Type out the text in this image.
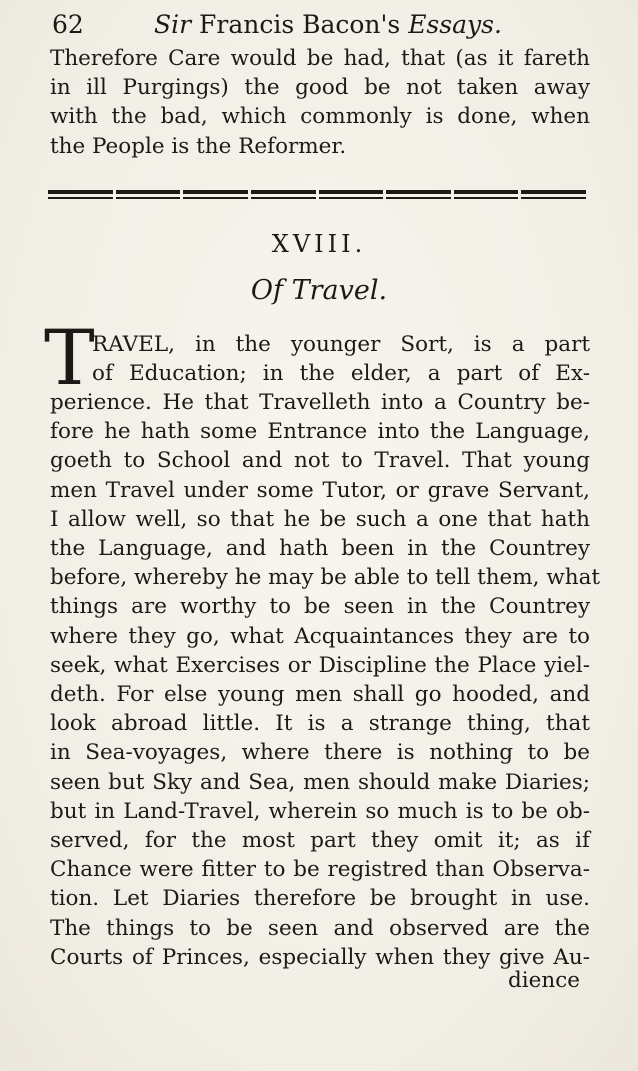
62	Sir Francis Bacon's Essays.
Therefore Care would be had, that (as it fareth
in ill Purgings) the good be not taken away
with the bad, which commonly is done, when
the People is the Reformer.
XVIII.
Of Travel.
T
RAVEL, in the younger Sort, is a part
of Education; in the elder, a part of Ex-
perience. He that Travelleth into a Country be-
fore he hath some Entrance into the Language,
goeth to School and not to Travel. That young
men Travel under some Tutor, or grave Servant,
I allow well, so that he be such a one that hath
the Language, and hath been in the Countrey
before, whereby he may be able to tell them, what
things are worthy to be seen in the Countrey
where they go, what Acquaintances they are to
seek, what Exercises or Discipline the Place yiel-
deth. For else young men shall go hooded, and
look abroad little. It is a strange thing, that
in Sea-voyages, where there is nothing to be
seen but Sky and Sea, men should make Diaries;
but in Land-Travel, wherein so much is to be ob-
served, for the most part they omit it; as if
Chance were fitter to be registred than Observa-
tion. Let Diaries therefore be brought in use.
The things to be seen and observed are the
Courts of Princes, especially when they give Au-
dience
